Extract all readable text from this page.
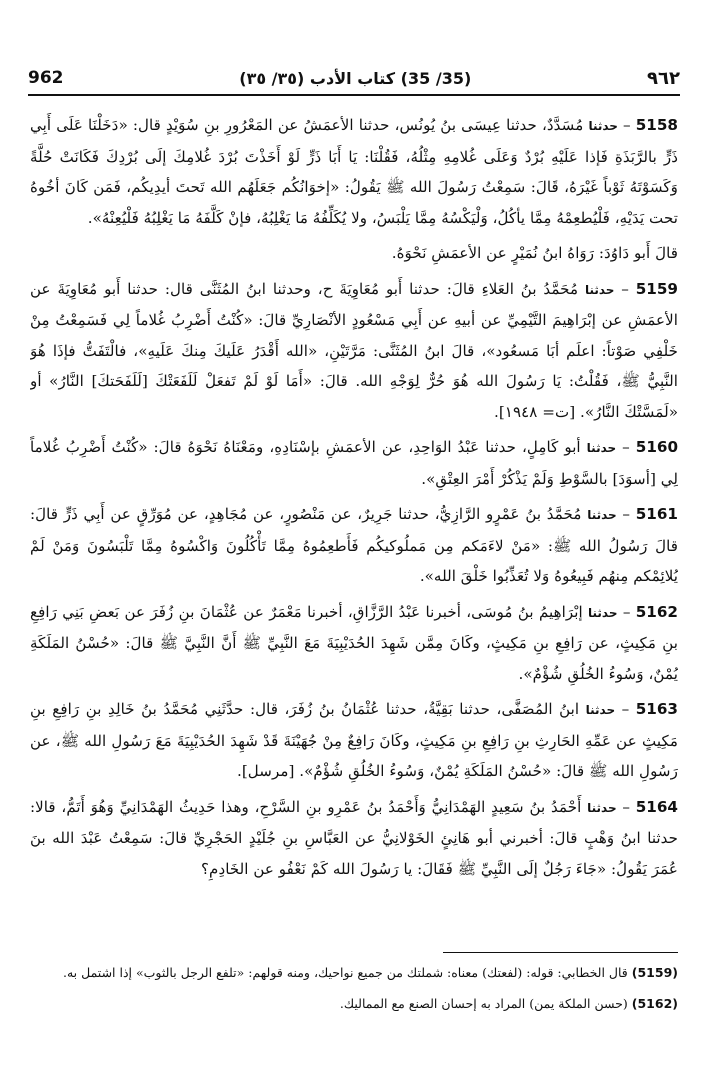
962	(35/ 35) كتاب الأدب (٣٥/ ٣٥)	٩٦٢

5158 – حدثنا مُسَدَّدٌ، حدثنا عِيسَى بنُ يُونُس، حدثنا الأعمَشُ عن المَعْرُورِ بنِ سُوَيْدٍ قال: «دَخَلْنَا عَلَى أَبِي ذَرٍّ بالرَّبَذَةِ فَإذا عَلَيْهِ بُرْدٌ وَعَلَى غُلامِهِ مِثْلُهُ، فَقُلْنَا: يَا أَبَا ذَرٍّ لَوْ أَخَذْتَ بُرْدَ غُلامِكَ إلَى بُرْدِكَ فَكَانَتْ حُلَّةً وَكَسَوْتَهُ ثَوْباً غَيْرَهُ، قَالَ: سَمِعْتُ رَسُولَ الله ﷺ يَقُولُ: «إخوَانُكُم جَعَلَهُم الله تَحتَ أيدِيكُم، فَمَن كَانَ أخُوهُ تحت يَدَيْهِ، فَلْيُطعِمْهُ مِمَّا يأكُلُ، وَلْيَكْسُهُ مِمَّا يَلْبَسُ، ولا يُكَلِّفُهُ مَا يَغْلِبُهُ، فإنْ كَلَّفَهُ مَا يَغْلِبُهُ فَلْيُعِنْهُ».

قالَ أَبو دَاوُدَ: رَوَاهُ ابنُ نُمَيْرٍ عن الأعمَشِ نَحْوَهُ.

5159 – حدثنا مُحَمَّدُ بنُ العَلاءِ قالَ: حدثنا أَبو مُعَاوِيَةَ ح، وحدثنا ابنُ المُثَنَّى قال: حدثنا أَبو مُعَاوِيَةَ عن الأعمَشِ عن إبْرَاهِيمَ التَّيْمِيِّ عن أبيهِ عن أَبِي مَسْعُودٍ الأنْصَارِيِّ قالَ: «كُنْتُ أَضْرِبُ غُلاماً لِي فَسَمِعْتُ مِنْ خَلْفِي صَوْتاً: اعلَم أبَا مَسعُود»، قالَ ابنُ المُثَنَّى: مَرَّتَيْنِ، «الله أَقْدَرُ عَلَيكَ مِنكَ عَلَيهِ»، فالْتَفَتُّ فإذَا هُوَ النَّبِيُّ ﷺ، فَقُلْتُ: يَا رَسُولَ الله هُوَ حُرٌّ لِوَجْهِ الله. قالَ: «أَمَا لَوْ لَمْ تَفعَلْ لَلَفَعَتْكَ [لَلَفَحَتكَ] النَّارُ» أو «لَمَسَّتْكَ النَّارُ». [ت= ١٩٤٨].

5160 – حدثنا أبو كَامِلٍ، حدثنا عَبْدُ الوَاحِدِ، عن الأعمَشِ بإسْنَادِهِ، ومَعْنَاهُ نَحْوَهُ قالَ: «كُنْتُ أَضْرِبُ غُلاماً لِي [أسوَدَ] بالسَّوْطِ وَلَمْ يَذْكُرْ أَمْرَ العِتْقِ».

5161 – حدثنا مُحَمَّدُ بنُ عَمْرٍو الرَّازِيُّ، حدثنا جَرِيرٌ، عن مَنْصُورٍ، عن مُجَاهِدٍ، عن مُوَرِّقٍ عن أَبِي ذَرٍّ قالَ: قالَ رَسُولُ الله ﷺ: «مَنْ لاءَمَكم مِن مَملُوكيكُم فَأَطعِمُوهُ مِمَّا تَأْكُلُونَ وَاكْسُوهُ مِمَّا تَلْبَسُونَ وَمَنْ لَمْ يُلائِمْكم مِنهُم فَبِيعُوهُ وَلا تُعَذِّبُوا خَلْقَ الله».

5162 – حدثنا إبْرَاهِيمُ بنُ مُوسَى، أخبرنا عَبْدُ الرَّزَّاقِ، أخبرنا مَعْمَرٌ عن عُثْمَانَ بنِ زُفَرَ عن بَعضِ بَنِي رَافِعِ بنِ مَكِيثٍ، عن رَافِعِ بنِ مَكِيثٍ، وكَانَ مِمَّن شَهِدَ الحُدَيْبِيَةَ مَعَ النَّبِيِّ ﷺ أَنَّ النَّبِيَّ ﷺ قالَ: «حُسْنُ المَلَكَةِ يُمْنٌ، وَسُوءُ الخُلُقِ شُؤْمٌ».

5163 – حدثنا ابنُ المُصَفَّى، حدثنا بَقِيَّةُ، حدثنا عُثْمَانُ بنُ زُفَرَ، قال: حدَّثَنِي مُحَمَّدُ بنُ خَالِدِ بنِ رَافِعِ بنِ مَكِيثٍ عن عَمِّهِ الحَارِثِ بنِ رَافِعِ بنِ مَكِيثٍ، وكَانَ رَافِعٌ مِنْ جُهَيْنَةَ قَدْ شَهِدَ الحُدَيْبِيَةَ مَعَ رَسُولِ الله ﷺ، عن رَسُولِ الله ﷺ قالَ: «حُسْنُ المَلَكَةِ يُمْنٌ، وَسُوءُ الخُلُقِ شُؤْمٌ». [مرسل].

5164 – حدثنا أَحْمَدُ بنُ سَعِيدٍ الهَمْدَانِيُّ وَأَحْمَدُ بنُ عَمْرِو بنِ السَّرْحِ، وهذا حَدِيثُ الهَمْدَانِيِّ وَهُوَ أَتَمُّ، قالا: حدثنا ابنُ وَهْبٍ قالَ: أخبرني أبو هَانِئٍ الخَوْلانِيُّ عن العَبَّاسِ بنِ جُلَيْدٍ الحَجْرِيِّ قالَ: سَمِعْتُ عَبْدَ الله بنَ عُمَرَ يَقُولُ: «جَاءَ رَجُلٌ إلَى النَّبِيِّ ﷺ فَقَالَ: يا رَسُولَ الله كَمْ نَعْفُو عن الخَادِمِ؟

(5159) قال الخطابي: قوله: (لفعتك) معناه: شملتك من جميع نواحيك، ومنه قولهم: «تلفع الرجل بالثوب» إذا اشتمل به.

(5162) (حسن الملكة يمن) المراد به إحسان الصنع مع المماليك.
